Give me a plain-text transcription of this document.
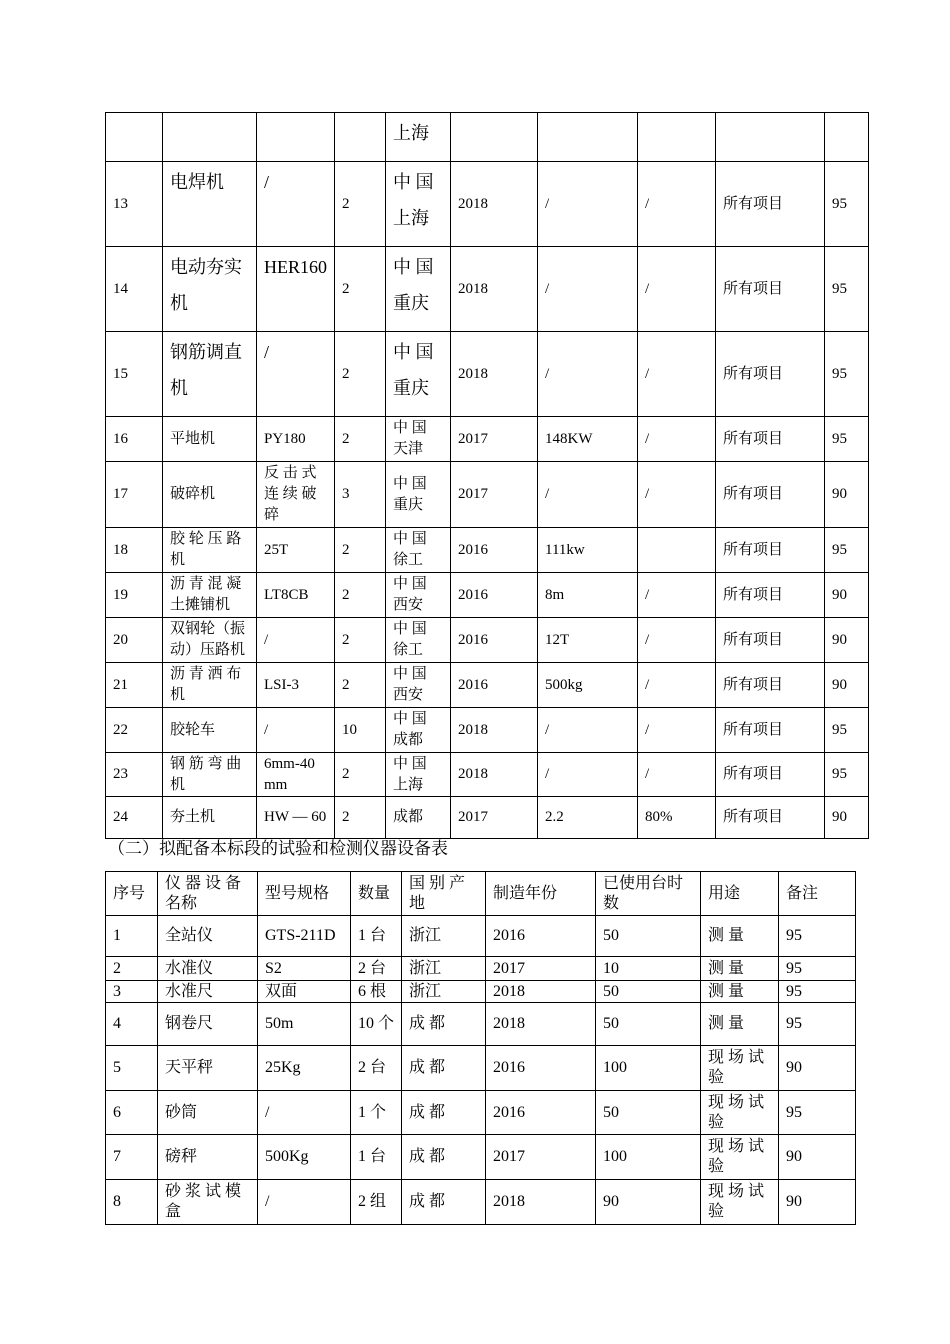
				上海					
13	电焊机	/	2	中 国 上海	2018	/	/	所有项目	95
14	电动夯实机	HER160	2	中 国 重庆	2018	/	/	所有项目	95
15	钢筋调直机	/	2	中 国 重庆	2018	/	/	所有项目	95
16	平地机	PY180	2	中 国 天津	2017	148KW	/	所有项目	95
17	破碎机	反 击 式 连 续 破 碎	3	中 国 重庆	2017	/	/	所有项目	90
18	胶 轮 压 路 机	25T	2	中 国 徐工	2016	111kw		所有项目	95
19	沥 青 混 凝 土摊铺机	LT8CB	2	中 国 西安	2016	8m	/	所有项目	90
20	双钢轮（振动）压路机	/	2	中 国 徐工	2016	12T	/	所有项目	90
21	沥 青 洒 布 机	LSI-3	2	中 国 西安	2016	500kg	/	所有项目	90
22	胶轮车	/	10	中 国 成都	2018	/	/	所有项目	95
23	钢 筋 弯 曲 机	6mm-40 mm	2	中 国 上海	2018	/	/	所有项目	95
24	夯土机	HW — 60	2	成都	2017	2.2	80%	所有项目	90
（二）拟配备本标段的试验和检测仪器设备表
序号	仪 器 设 备 名称	型号规格	数量	国 别 产 地	制造年份	已使用台时数	用途	备注
1	全站仪	GTS-211D	1 台	浙江	2016	50	测 量	95
2	水准仪	S2	2 台	浙江	2017	10	测 量	95
3	水准尺	双面	6 根	浙江	2018	50	测 量	95
4	钢卷尺	50m	10 个	成 都	2018	50	测 量	95
5	天平秤	25Kg	2 台	成 都	2016	100	现 场 试 验	90
6	砂筒	/	1 个	成 都	2016	50	现 场 试 验	95
7	磅秤	500Kg	1 台	成 都	2017	100	现 场 试 验	90
8	砂 浆 试 模 盒	/	2 组	成 都	2018	90	现 场 试 验	90
